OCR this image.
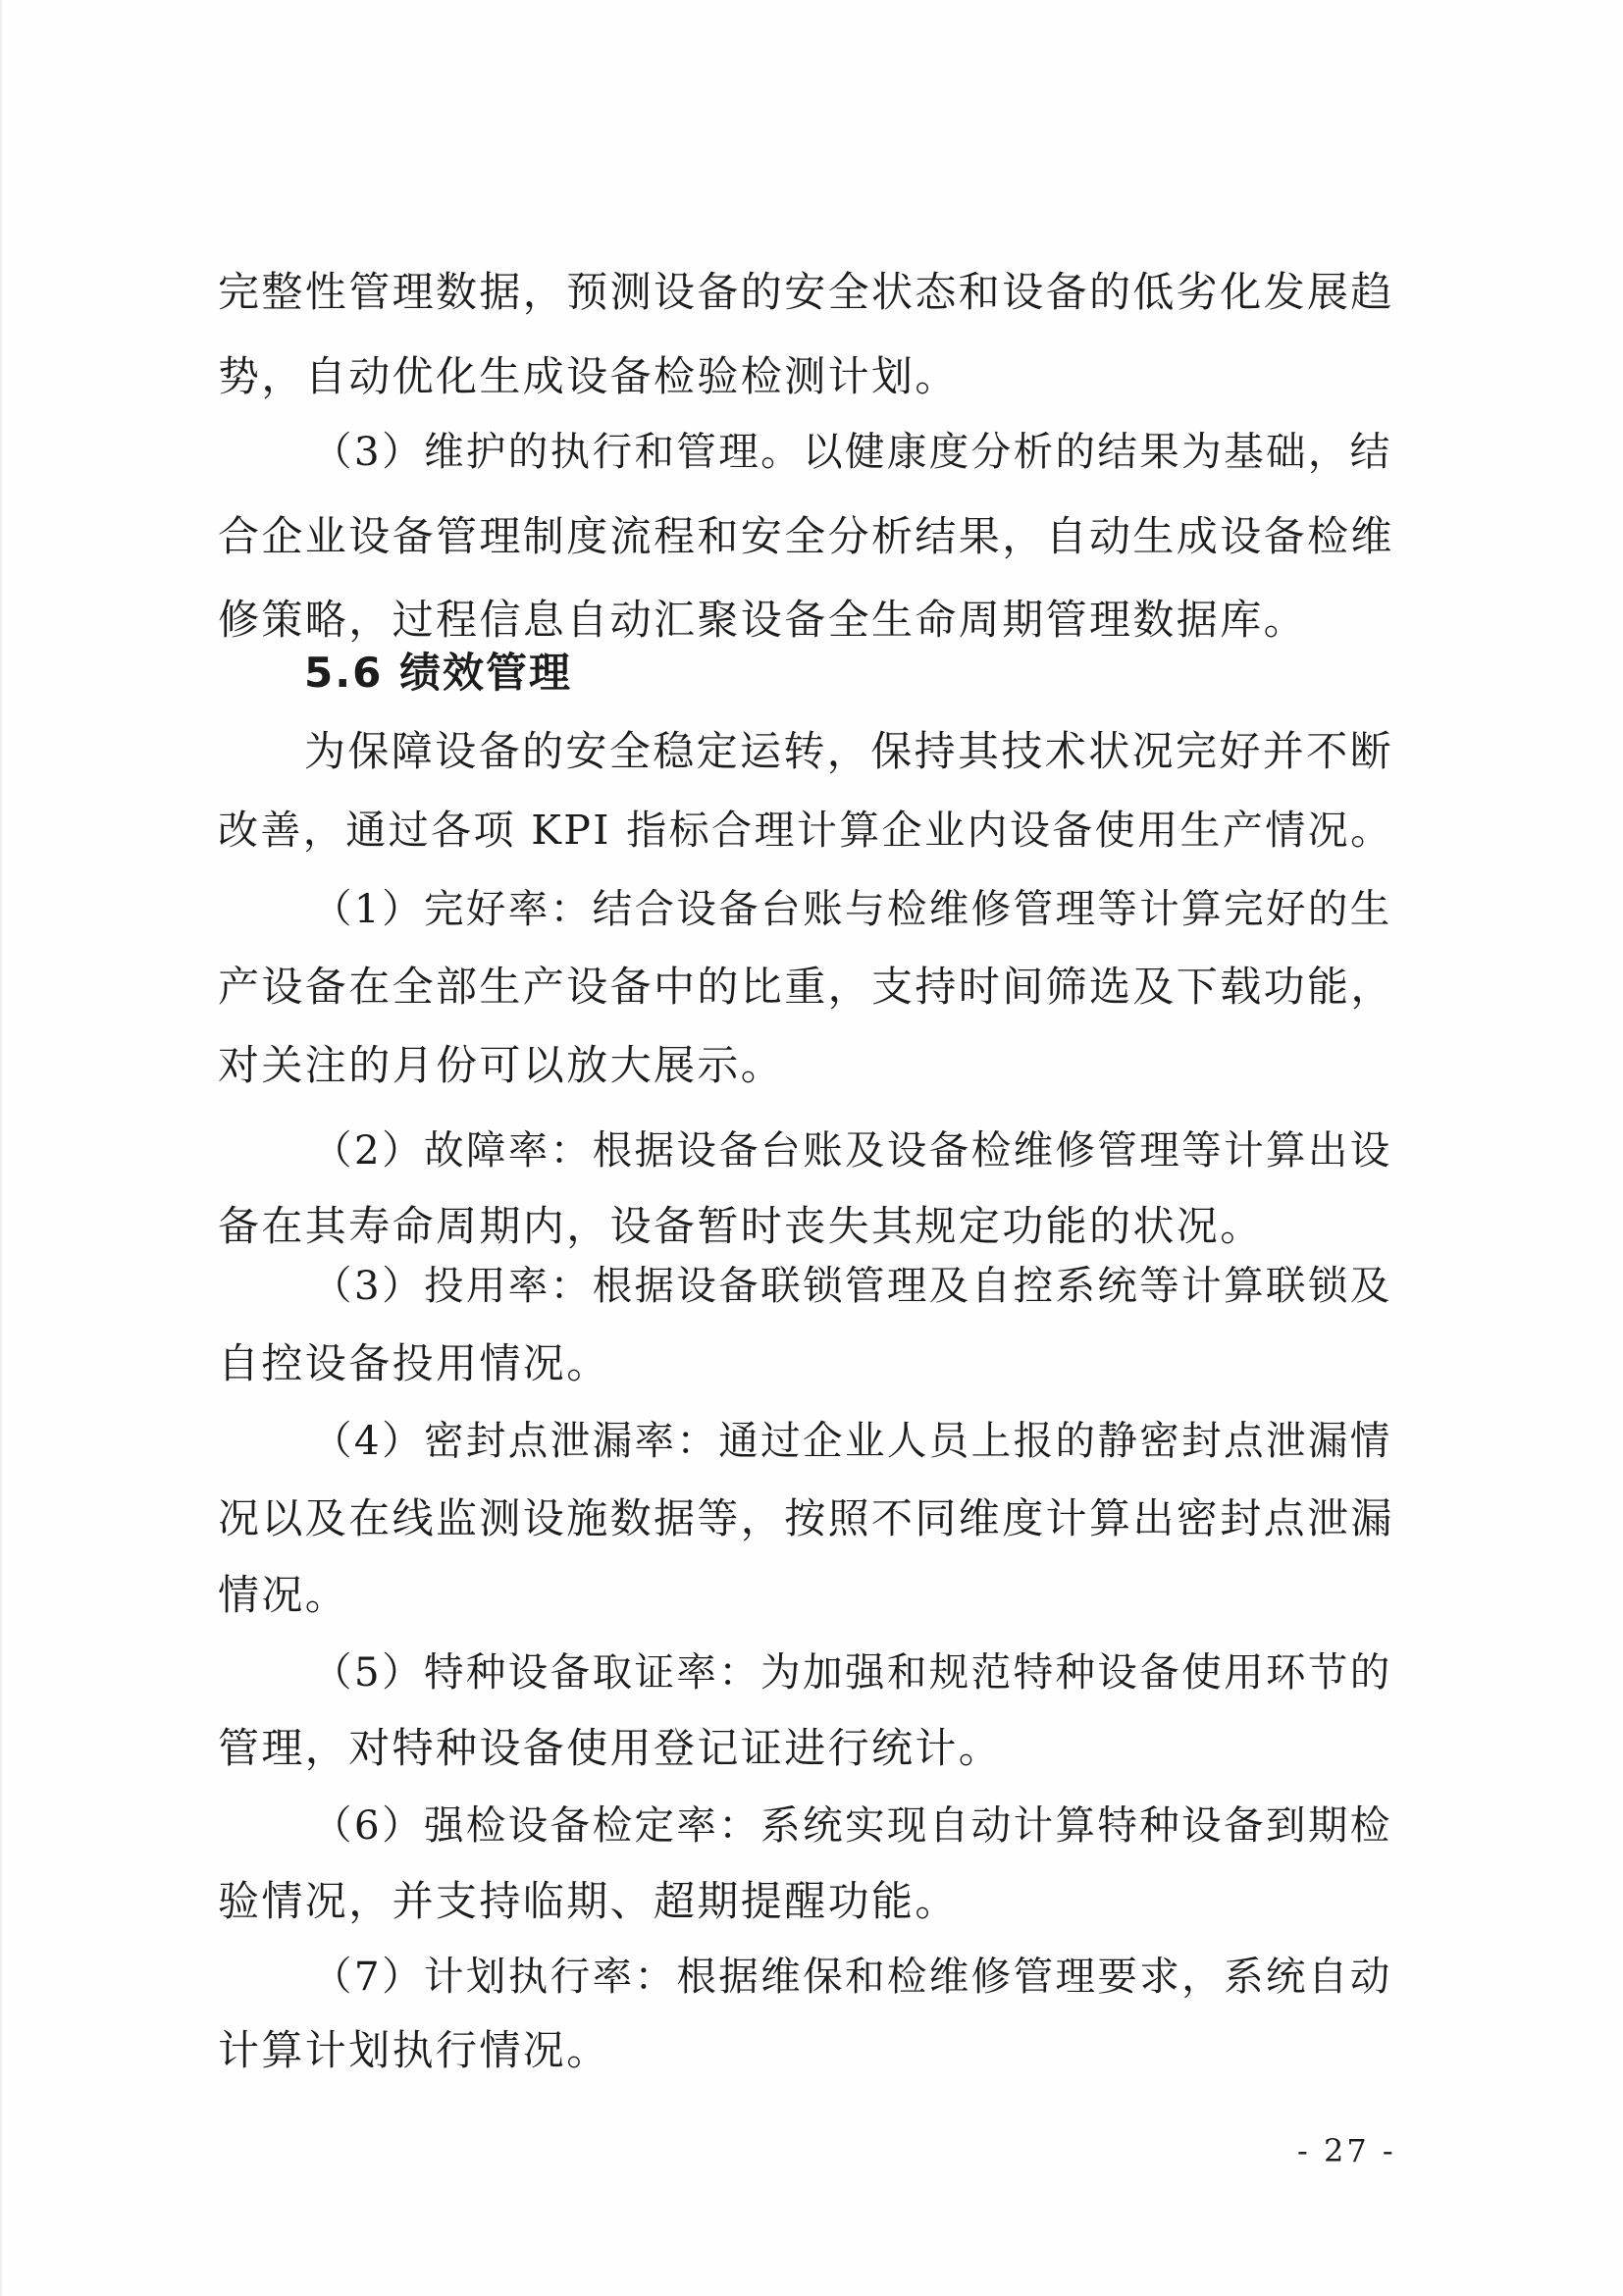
完整性管理数据，预测设备的安全状态和设备的低劣化发展趋
势，自动优化生成设备检验检测计划。
（3）维护的执行和管理。以健康度分析的结果为基础，结
合企业设备管理制度流程和安全分析结果，自动生成设备检维
修策略，过程信息自动汇聚设备全生命周期管理数据库。
5.6 绩效管理
为保障设备的安全稳定运转，保持其技术状况完好并不断
改善，通过各项 KPI 指标合理计算企业内设备使用生产情况。
（1）完好率：结合设备台账与检维修管理等计算完好的生
产设备在全部生产设备中的比重，支持时间筛选及下载功能，
对关注的月份可以放大展示。
（2）故障率：根据设备台账及设备检维修管理等计算出设
备在其寿命周期内，设备暂时丧失其规定功能的状况。
（3）投用率：根据设备联锁管理及自控系统等计算联锁及
自控设备投用情况。
（4）密封点泄漏率：通过企业人员上报的静密封点泄漏情
况以及在线监测设施数据等，按照不同维度计算出密封点泄漏
情况。
（5）特种设备取证率：为加强和规范特种设备使用环节的
管理，对特种设备使用登记证进行统计。
（6）强检设备检定率：系统实现自动计算特种设备到期检
验情况，并支持临期、超期提醒功能。
（7）计划执行率：根据维保和检维修管理要求，系统自动
计算计划执行情况。
- 27 -
